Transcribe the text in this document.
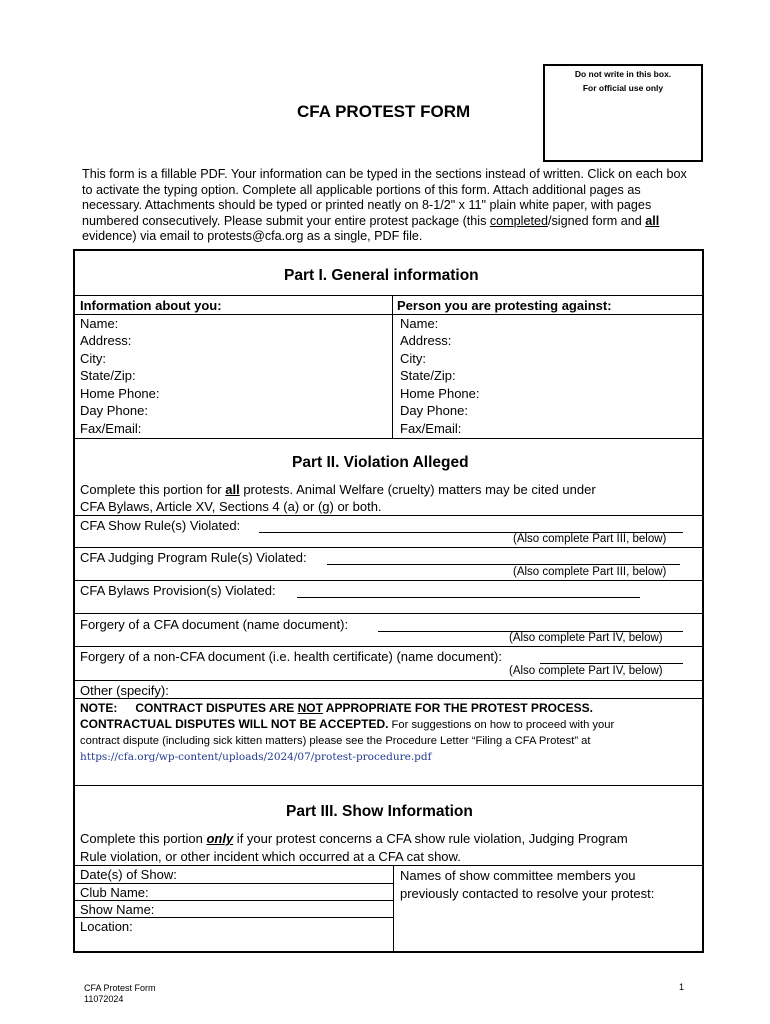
Do not write in this box.
For official use only
CFA PROTEST FORM

This form is a fillable PDF. Your information can be typed in the sections instead of written. Click on each box to activate the typing option. Complete all applicable portions of this form. Attach additional pages as necessary. Attachments should be typed or printed neatly on 8-1/2" x 11" plain white paper, with pages numbered consecutively. Please submit your entire protest package (this completed/signed form and all evidence) via email to protests@cfa.org as a single, PDF file.

Part I. General information
Information about you:	Person you are protesting against:
Name:
Address:
City:
State/Zip:
Home Phone:
Day Phone:
Fax/Email:
Name:
Address:
City:
State/Zip:
Home Phone:
Day Phone:
Fax/Email:
Part II. Violation Alleged
Complete this portion for all protests. Animal Welfare (cruelty) matters may be cited under
CFA Bylaws, Article XV, Sections 4 (a) or (g) or both.
CFA Show Rule(s) Violated:
(Also complete Part III, below)
CFA Judging Program Rule(s) Violated:
(Also complete Part III, below)
CFA Bylaws Provision(s) Violated:
Forgery of a CFA document (name document):
(Also complete Part IV, below)
Forgery of a non-CFA document (i.e. health certificate) (name document):
(Also complete Part IV, below)
Other (specify):
NOTE: CONTRACT DISPUTES ARE NOT APPROPRIATE FOR THE PROTEST PROCESS.
CONTRACTUAL DISPUTES WILL NOT BE ACCEPTED. For suggestions on how to proceed with your
contract dispute (including sick kitten matters) please see the Procedure Letter “Filing a CFA Protest” at
https://cfa.org/wp-content/uploads/2024/07/protest-procedure.pdf
Part III. Show Information
Complete this portion only if your protest concerns a CFA show rule violation, Judging Program
Rule violation, or other incident which occurred at a CFA cat show.
Date(s) of Show:
Club Name:
Show Name:
Location:
Names of show committee members you previously contacted to resolve your protest:
CFA Protest Form
11072024
1
